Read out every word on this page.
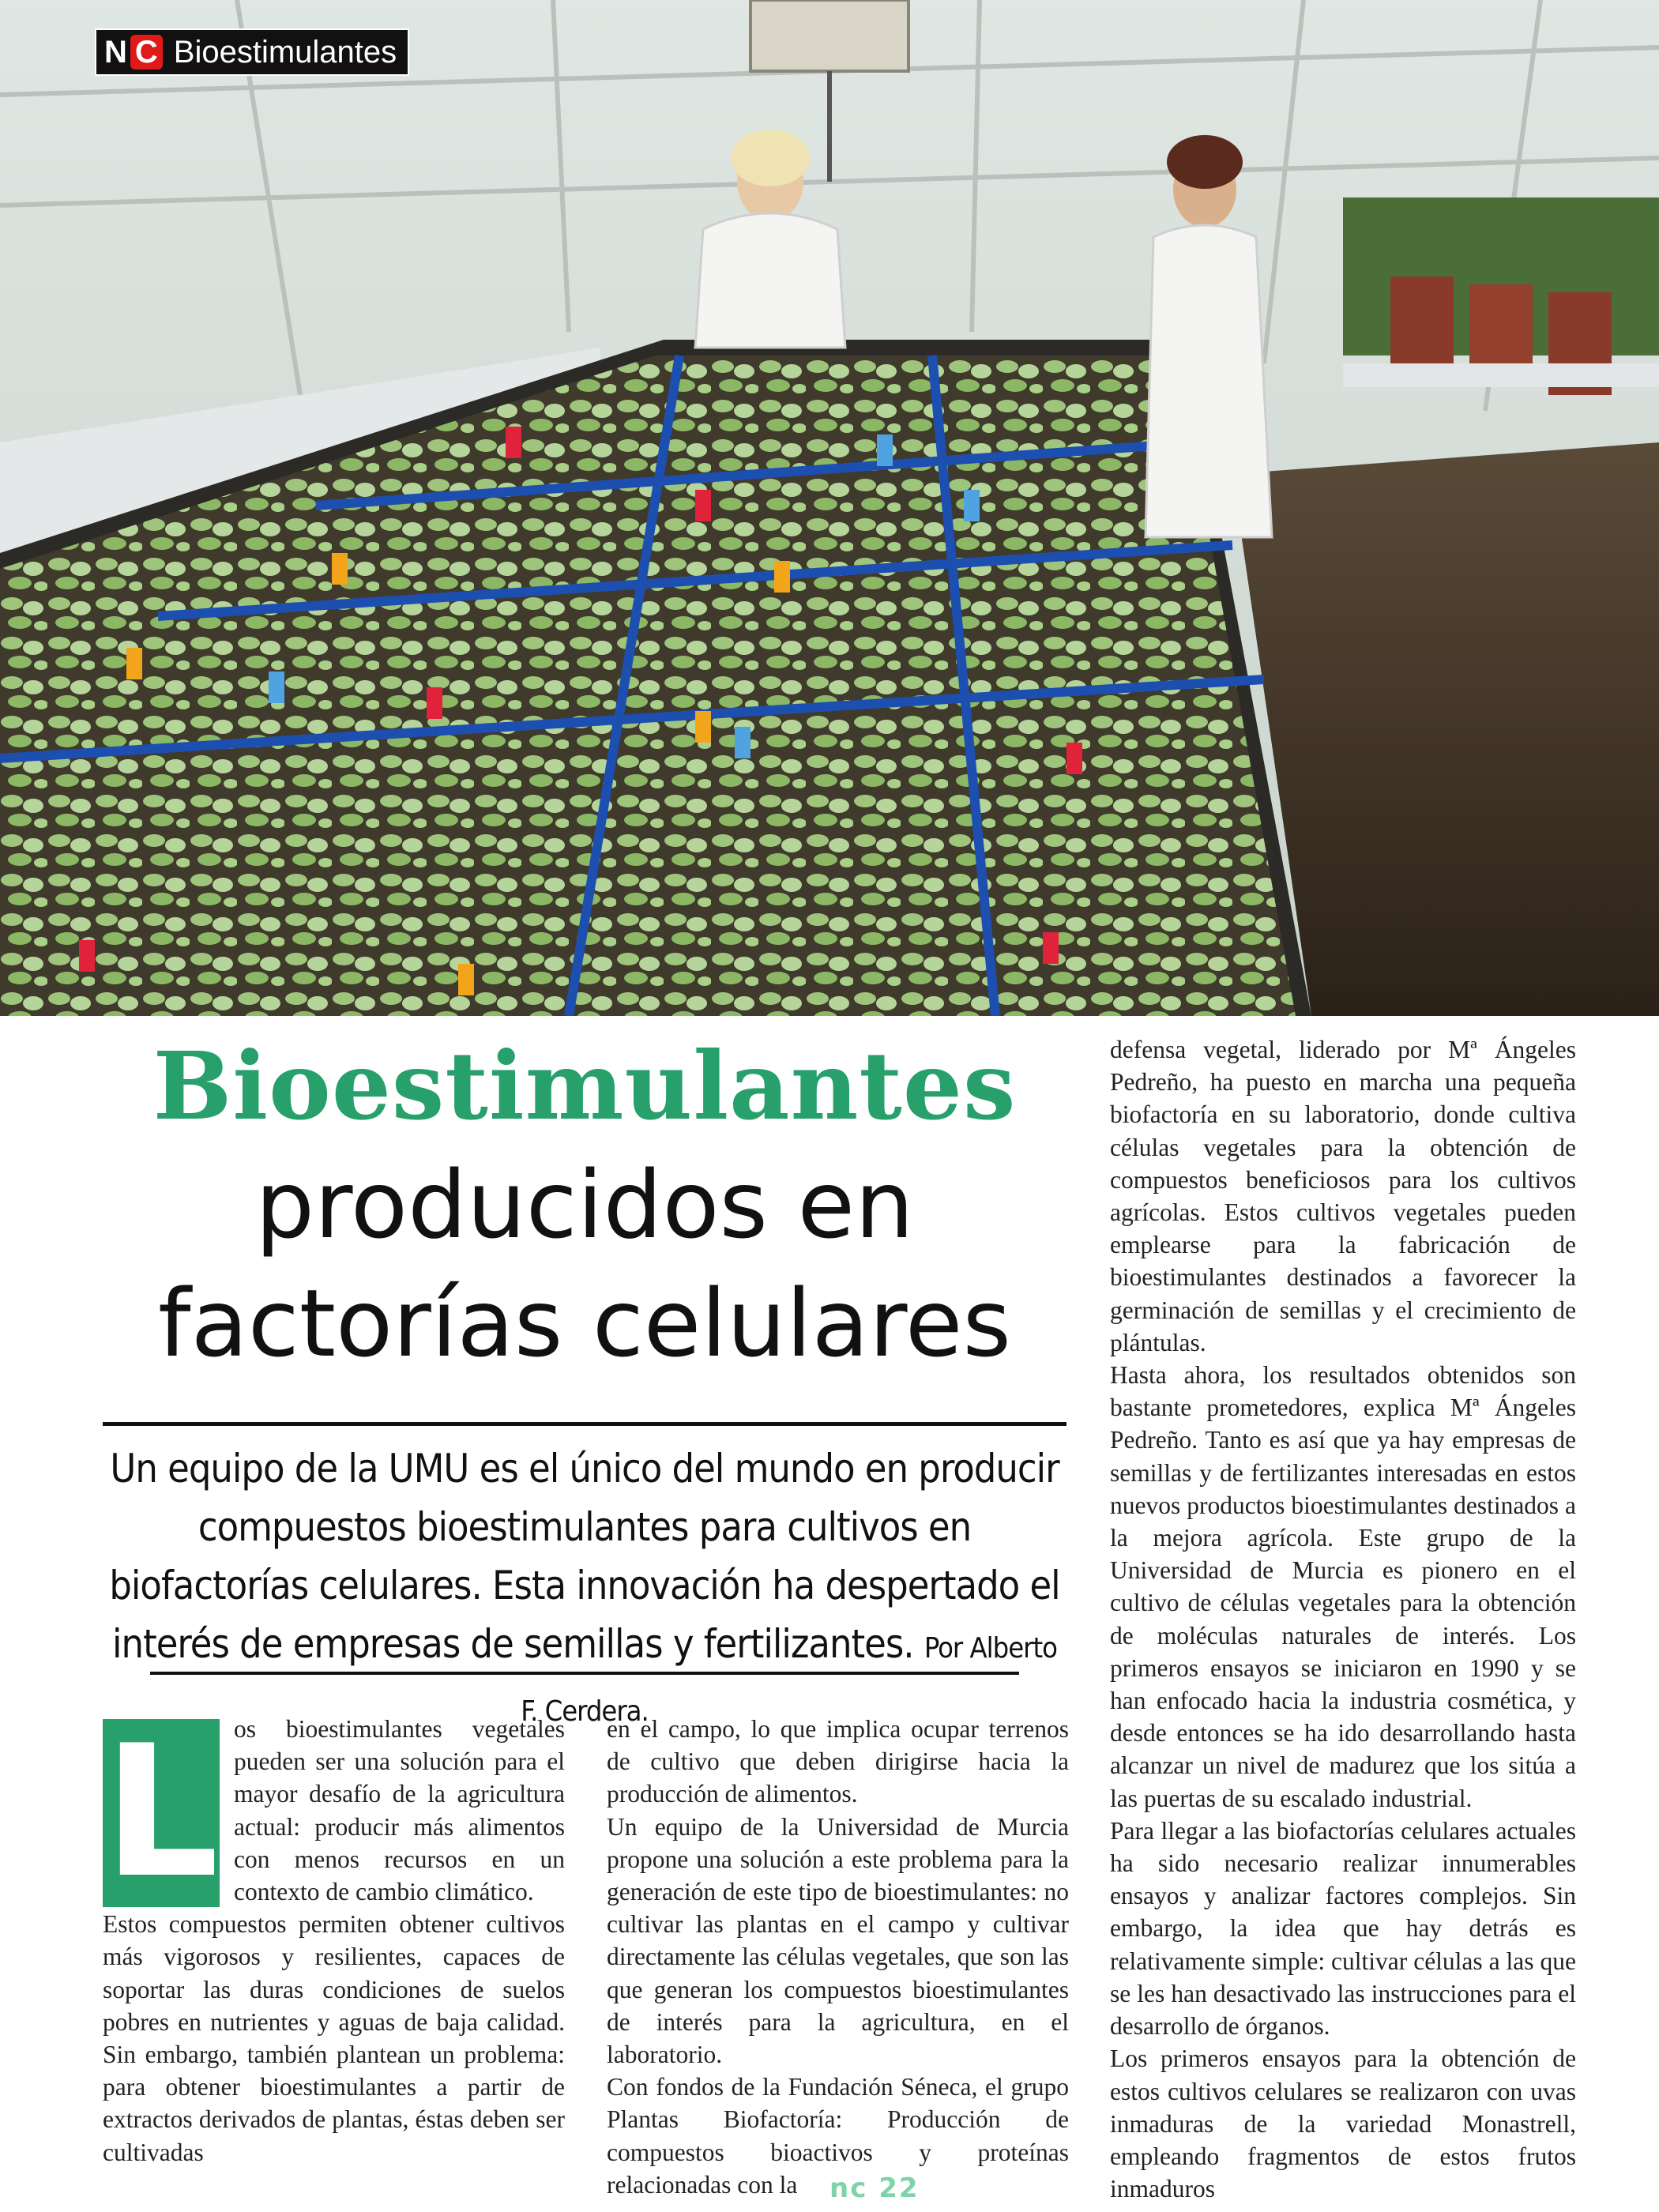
N C Bioestimulantes
Bioestimulantes
producidos en
factorías celulares
Un equipo de la UMU es el único del mundo en producir compuestos bioestimulantes para cultivos en biofactorías celulares. Esta innovación ha despertado el interés de empresas de semillas y fertilizantes. Por Alberto F. Cerdera.
L os bioestimulantes vegetales pueden ser una solución para el mayor desafío de la agricultura actual: producir más alimentos con menos recursos en un contexto de cambio climático.

Estos compuestos permiten obtener cultivos más vigorosos y resilientes, capaces de soportar las duras condiciones de suelos pobres en nutrientes y aguas de baja calidad. Sin embargo, también plantean un problema: para obtener bioestimulantes a partir de extractos derivados de plantas, éstas deben ser cultivadas

en el campo, lo que implica ocupar terrenos de cultivo que deben dirigirse hacia la producción de alimentos.

Un equipo de la Universidad de Murcia propone una solución a este problema para la generación de este tipo de bioestimulantes: no cultivar las plantas en el campo y cultivar directamente las células vegetales, que son las que generan los compuestos bioestimulantes de interés para la agricultura, en el laboratorio.

Con fondos de la Fundación Séneca, el grupo Plantas Biofactoría: Producción de compuestos bioactivos y proteínas relacionadas con la

defensa vegetal, liderado por Mª Ángeles Pedreño, ha puesto en marcha una pequeña biofactoría en su laboratorio, donde cultiva células vegetales para la obtención de compuestos beneficiosos para los cultivos agrícolas. Estos cultivos vegetales pueden emplearse para la fabricación de bioestimulantes destinados a favorecer la germinación de semillas y el crecimiento de plántulas.

Hasta ahora, los resultados obtenidos son bastante prometedores, explica Mª Ángeles Pedreño. Tanto es así que ya hay empresas de semillas y de fertilizantes interesadas en estos nuevos productos bioestimulantes destinados a la mejora agrícola. Este grupo de la Universidad de Murcia es pionero en el cultivo de células vegetales para la obtención de moléculas naturales de interés. Los primeros ensayos se iniciaron en 1990 y se han enfocado hacia la industria cosmética, y desde entonces se ha ido desarrollando hasta alcanzar un nivel de madurez que los sitúa a las puertas de su escalado industrial.

Para llegar a las biofactorías celulares actuales ha sido necesario realizar innumerables ensayos y analizar factores complejos. Sin embargo, la idea que hay detrás es relativamente simple: cultivar células a las que se les han desactivado las instrucciones para el desarrollo de órganos.

Los primeros ensayos para la obtención de estos cultivos celulares se realizaron con uvas inmaduras de la variedad Monastrell, empleando fragmentos de estos frutos inmaduros

nc 22
